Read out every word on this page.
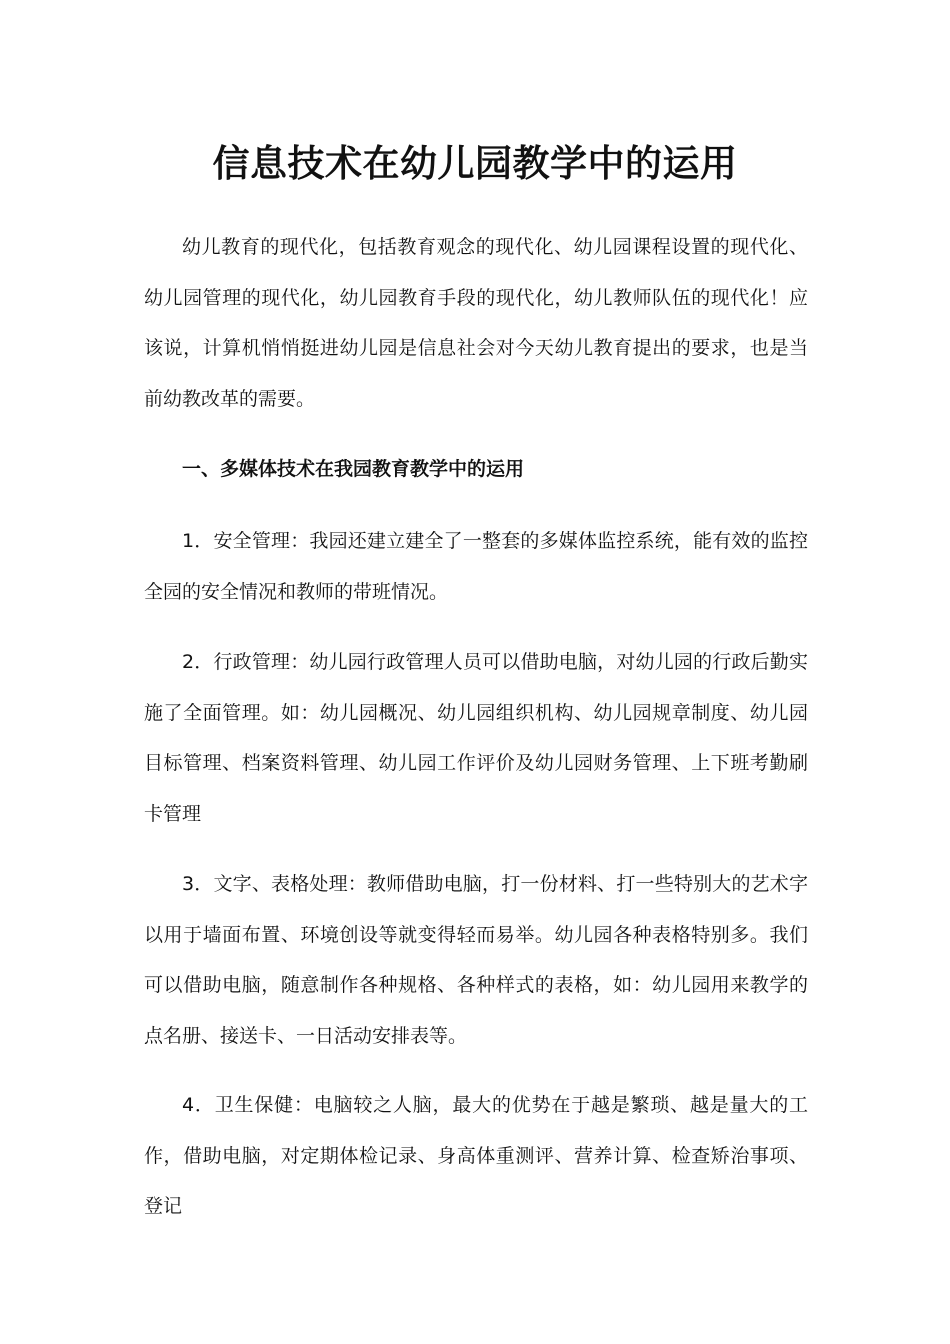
信息技术在幼儿园教学中的运用

幼儿教育的现代化，包括教育观念的现代化、幼儿园课程设置的现代化、幼儿园管理的现代化，幼儿园教育手段的现代化，幼儿教师队伍的现代化！应该说，计算机悄悄挺进幼儿园是信息社会对今天幼儿教育提出的要求，也是当前幼教改革的需要。

一、多媒体技术在我园教育教学中的运用

1．安全管理：我园还建立建全了一整套的多媒体监控系统，能有效的监控全园的安全情况和教师的带班情况。

2．行政管理：幼儿园行政管理人员可以借助电脑，对幼儿园的行政后勤实施了全面管理。如：幼儿园概况、幼儿园组织机构、幼儿园规章制度、幼儿园目标管理、档案资料管理、幼儿园工作评价及幼儿园财务管理、上下班考勤刷卡管理

3．文字、表格处理：教师借助电脑，打一份材料、打一些特别大的艺术字以用于墙面布置、环境创设等就变得轻而易举。幼儿园各种表格特别多。我们可以借助电脑，随意制作各种规格、各种样式的表格，如：幼儿园用来教学的点名册、接送卡、一日活动安排表等。

4．卫生保健：电脑较之人脑，最大的优势在于越是繁琐、越是量大的工作，借助电脑，对定期体检记录、身高体重测评、营养计算、检查矫治事项、登记
